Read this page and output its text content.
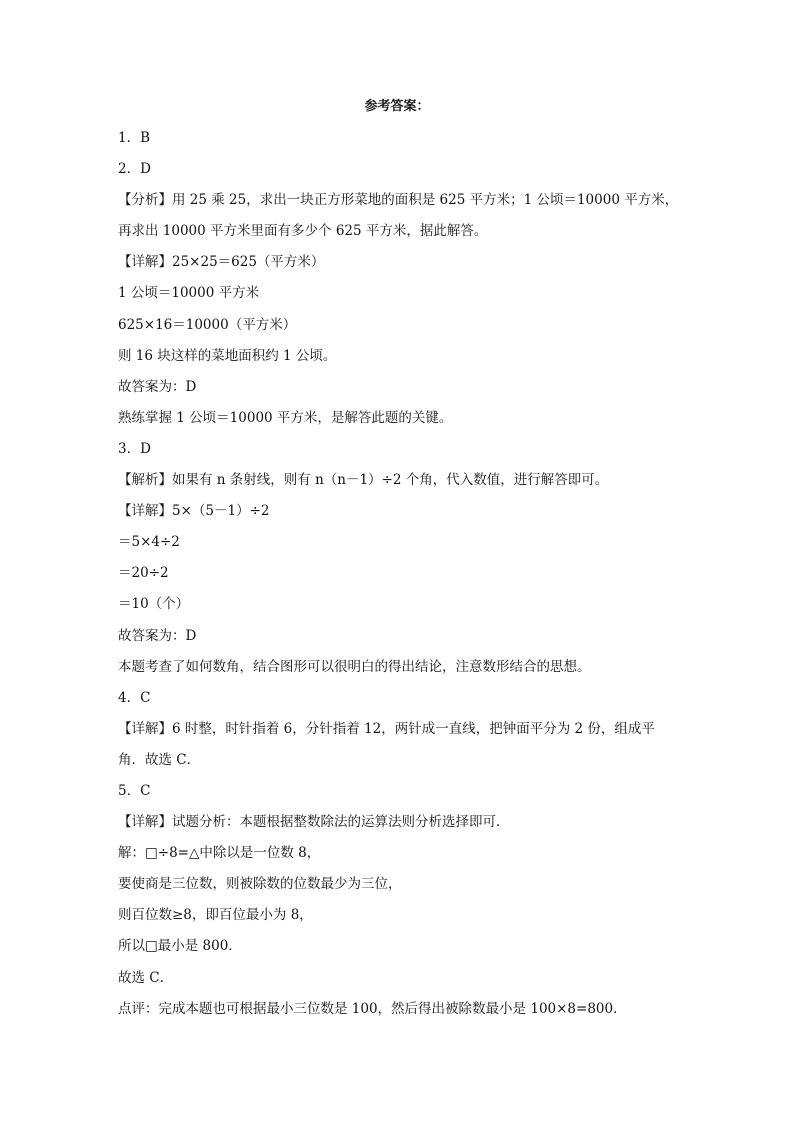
参考答案：
1．B
2．D
【分析】用 25 乘 25，求出一块正方形菜地的面积是 625 平方米；1 公顷＝10000 平方米，
再求出 10000 平方米里面有多少个 625 平方米，据此解答。
【详解】25×25＝625（平方米）
1 公顷＝10000 平方米
625×16＝10000（平方米）
则 16 块这样的菜地面积约 1 公顷。
故答案为：D
熟练掌握 1 公顷＝10000 平方米，是解答此题的关键。
3．D
【解析】如果有 n 条射线，则有 n（n－1）÷2 个角，代入数值，进行解答即可。
【详解】5×（5－1）÷2
＝5×4÷2
＝20÷2
＝10（个）
故答案为：D
本题考查了如何数角，结合图形可以很明白的得出结论，注意数形结合的思想。
4．C
【详解】6 时整，时针指着 6，分针指着 12，两针成一直线，把钟面平分为 2 份，组成平
角．故选 C．
5．C
【详解】试题分析：本题根据整数除法的运算法则分析选择即可．
解：□÷8=△中除以是一位数 8，
要使商是三位数，则被除数的位数最少为三位，
则百位数≥8，即百位最小为 8，
所以□最小是 800．
故选 C．
点评：完成本题也可根据最小三位数是 100，然后得出被除数最小是 100×8=800．
